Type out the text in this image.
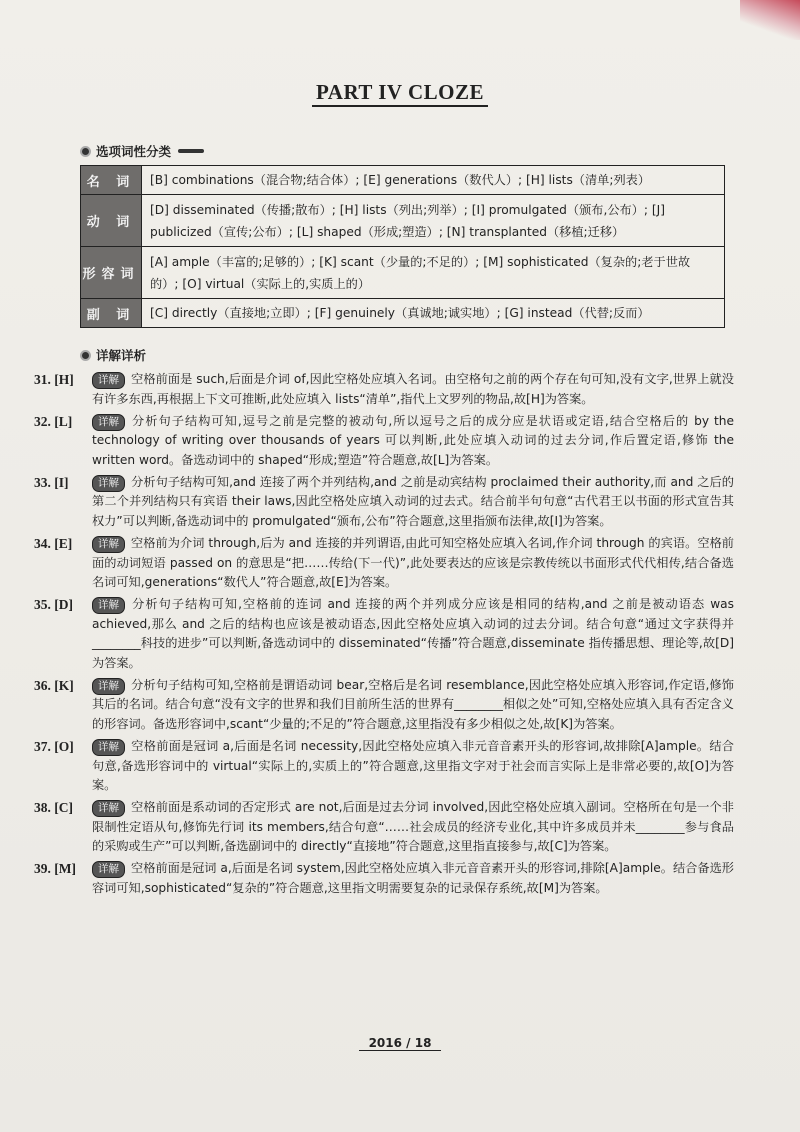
PART IV CLOZE
选项词性分类
名 词	[B] combinations（混合物;结合体）; [E] generations（数代人）; [H] lists（清单;列表）
动 词	[D] disseminated（传播;散布）; [H] lists（列出;列举）; [I] promulgated（颁布,公布）; [J] publicized（宣传;公布）; [L] shaped（形成;塑造）; [N] transplanted（移植;迁移）
形容词	[A] ample（丰富的;足够的）; [K] scant（少量的;不足的）; [M] sophisticated（复杂的;老于世故的）; [O] virtual（实际上的,实质上的）
副 词	[C] directly（直接地;立即）; [F] genuinely（真诚地;诚实地）; [G] instead（代替;反而）
详解详析
31. [H]	详解 空格前面是 such,后面是介词 of,因此空格处应填入名词。由空格句之前的两个存在句可知,没有文字,世界上就没有许多东西,再根据上下文可推断,此处应填入 lists“清单”,指代上文罗列的物品,故[H]为答案。
32. [L]	详解 分析句子结构可知,逗号之前是完整的被动句,所以逗号之后的成分应是状语或定语,结合空格后的 by the technology of writing over thousands of years 可以判断,此处应填入动词的过去分词,作后置定语,修饰 the written word。备选动词中的 shaped“形成;塑造”符合题意,故[L]为答案。
33. [I]	详解 分析句子结构可知,and 连接了两个并列结构,and 之前是动宾结构 proclaimed their authority,而 and 之后的第二个并列结构只有宾语 their laws,因此空格处应填入动词的过去式。结合前半句句意“古代君王以书面的形式宣告其权力”可以判断,备选动词中的 promulgated“颁布,公布”符合题意,这里指颁布法律,故[I]为答案。
34. [E]	详解 空格前为介词 through,后为 and 连接的并列谓语,由此可知空格处应填入名词,作介词 through 的宾语。空格前面的动词短语 passed on 的意思是“把……传给(下一代)”,此处要表达的应该是宗教传统以书面形式代代相传,结合备选名词可知,generations“数代人”符合题意,故[E]为答案。
35. [D]	详解 分析句子结构可知,空格前的连词 and 连接的两个并列成分应该是相同的结构,and 之前是被动语态 was achieved,那么 and 之后的结构也应该是被动语态,因此空格处应填入动词的过去分词。结合句意“通过文字获得并________科技的进步”可以判断,备选动词中的 disseminated“传播”符合题意,disseminate 指传播思想、理论等,故[D]为答案。
36. [K]	详解 分析句子结构可知,空格前是谓语动词 bear,空格后是名词 resemblance,因此空格处应填入形容词,作定语,修饰其后的名词。结合句意“没有文字的世界和我们目前所生活的世界有________相似之处”可知,空格处应填入具有否定含义的形容词。备选形容词中,scant“少量的;不足的”符合题意,这里指没有多少相似之处,故[K]为答案。
37. [O]	详解 空格前面是冠词 a,后面是名词 necessity,因此空格处应填入非元音音素开头的形容词,故排除[A]ample。结合句意,备选形容词中的 virtual“实际上的,实质上的”符合题意,这里指文字对于社会而言实际上是非常必要的,故[O]为答案。
38. [C]	详解 空格前面是系动词的否定形式 are not,后面是过去分词 involved,因此空格处应填入副词。空格所在句是一个非限制性定语从句,修饰先行词 its members,结合句意“……社会成员的经济专业化,其中许多成员并未________参与食品的采购或生产”可以判断,备选副词中的 directly“直接地”符合题意,这里指直接参与,故[C]为答案。
39. [M]	详解 空格前面是冠词 a,后面是名词 system,因此空格处应填入非元音音素开头的形容词,排除[A]ample。结合备选形容词可知,sophisticated“复杂的”符合题意,这里指文明需要复杂的记录保存系统,故[M]为答案。
2016 / 18
